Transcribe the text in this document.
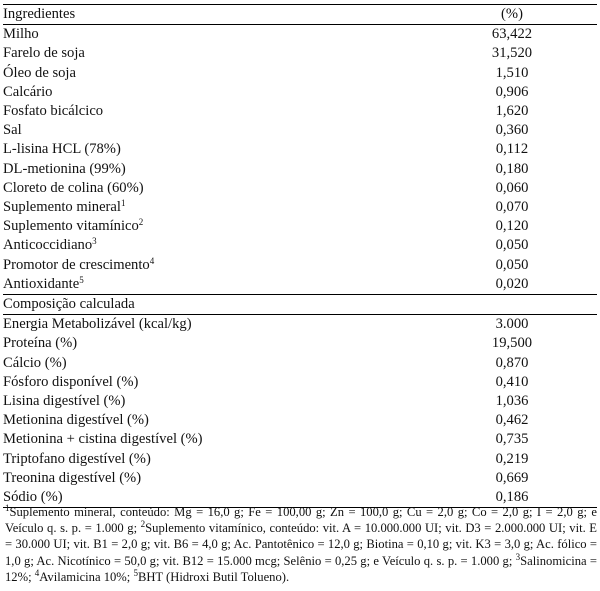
Ingredientes	(%)
Milho	63,422
Farelo de soja	31,520
Óleo de soja	1,510
Calcário	0,906
Fosfato bicálcico	1,620
Sal	0,360
L-lisina HCL (78%)	0,112
DL-metionina (99%)	0,180
Cloreto de colina (60%)	0,060
Suplemento mineral$^1$	0,070
Suplemento vitamínico$^2$	0,120
Anticoccidiano$^3$	0,050
Promotor de crescimento$^4$	0,050
Antioxidante$^5$	0,020
Composição calculada	
Energia Metabolizável (kcal/kg)	3.000
Proteína (%)	19,500
Cálcio (%)	0,870
Fósforo disponível (%)	0,410
Lisina digestível (%)	1,036
Metionina digestível (%)	0,462
Metionina + cistina digestível (%)	0,735
Triptofano digestível (%)	0,219
Treonina digestível (%)	0,669
Sódio (%)	0,186
$^1$Suplemento mineral, conteúdo: Mg = 16,0 g; Fe = 100,00 g; Zn = 100,0 g; Cu = 2,0 g; Co = 2,0 g; I = 2,0 g; e Veículo q. s. p. = 1.000 g; $^2$Suplemento vitamínico, conteúdo: vit. A = 10.000.000 UI; vit. D3 = 2.000.000 UI; vit. E = 30.000 UI; vit. B1 = 2,0 g; vit. B6 = 4,0 g; Ac. Pantotênico = 12,0 g; Biotina = 0,10 g; vit. K3 = 3,0 g; Ac. fólico = 1,0 g; Ac. Nicotínico = 50,0 g; vit. B12 = 15.000 mcg; Selênio = 0,25 g; e Veículo q. s. p. = 1.000 g; $^3$Salinomicina = 12%; $^4$Avilamicina 10%; $^5$BHT (Hidroxi Butil Tolueno).
